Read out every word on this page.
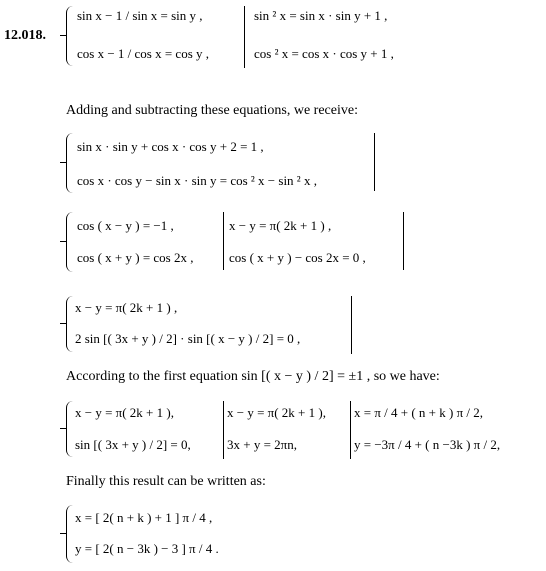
12.018.
sin x − 1 / sin x = sin y ,
cos x − 1 / cos x = cos y ,
sin ² x = sin x · sin y + 1 ,
cos ² x = cos x · cos y + 1 ,
Adding and subtracting these equations, we receive:
sin x · sin y + cos x · cos y + 2 = 1 ,
cos x · cos y − sin x · sin y = cos ² x − sin ² x ,
cos ( x − y ) = −1 ,
cos ( x + y ) = cos 2x ,
x − y = π( 2k + 1 ) ,
cos ( x + y ) − cos 2x = 0 ,
x − y = π( 2k + 1 ) ,
2 sin [( 3x + y ) / 2] · sin [( x − y ) / 2] = 0 ,
According to the first equation sin [( x − y ) / 2] = ±1 , so we have:
x − y = π( 2k + 1 ),
sin [( 3x + y ) / 2] = 0,
x − y = π( 2k + 1 ),
3x + y = 2πn,
x = π / 4 + ( n + k ) π / 2,
y = −3π / 4 + ( n −3k ) π / 2,
Finally this result can be written as:
x = [ 2( n + k ) + 1 ] π / 4 ,
y = [ 2( n − 3k ) − 3 ] π / 4 .
